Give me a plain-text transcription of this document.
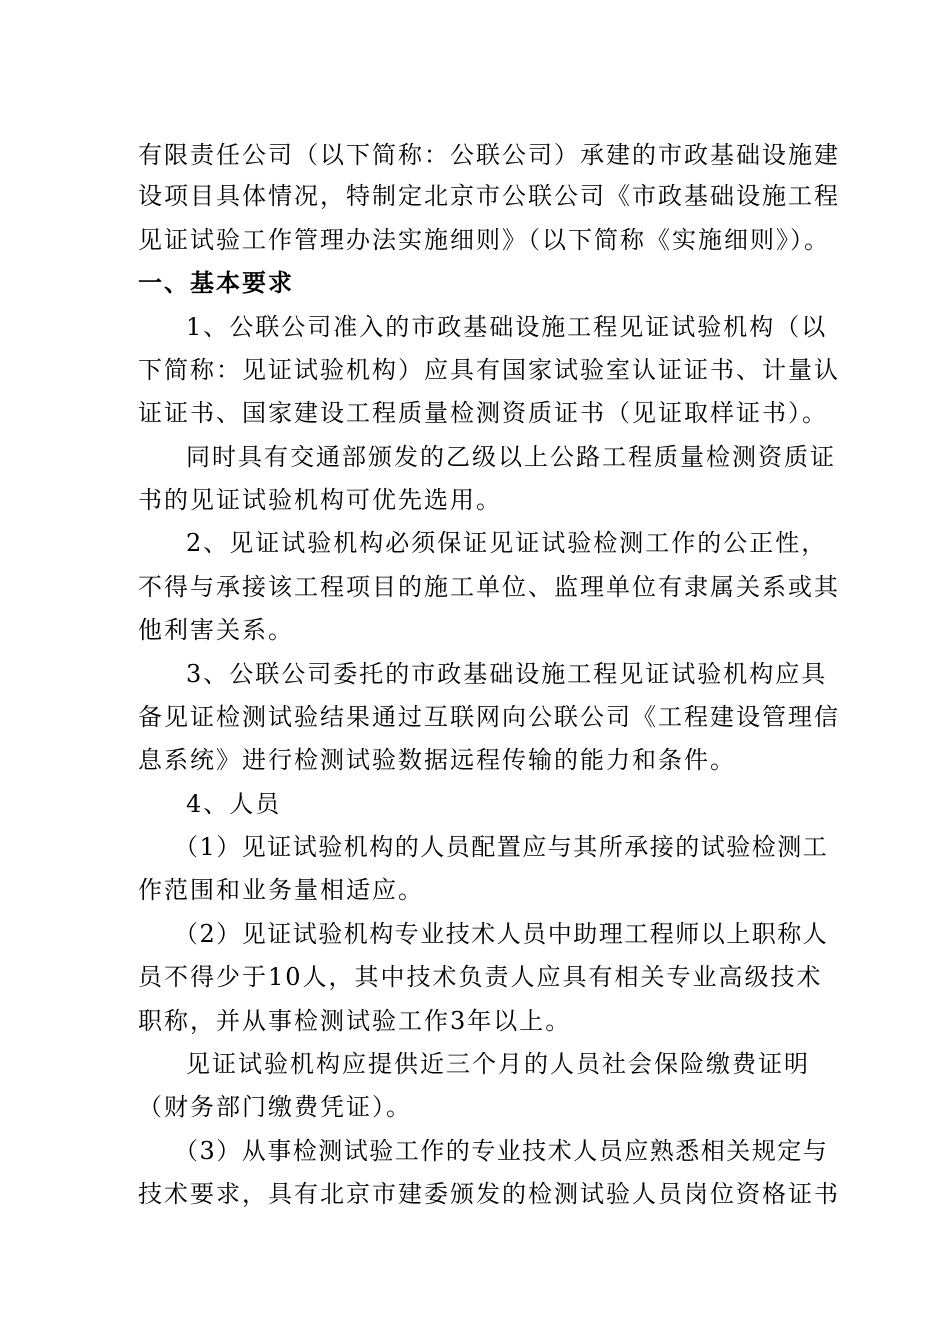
有限责任公司（以下简称：公联公司）承建的市政基础设施建
设项目具体情况，特制定北京市公联公司《市政基础设施工程
见证试验工作管理办法实施细则》（以下简称《实施细则》）。
一、基本要求
1、公联公司准入的市政基础设施工程见证试验机构（以
下简称：见证试验机构）应具有国家试验室认证证书、计量认
证证书、国家建设工程质量检测资质证书（见证取样证书）。
同时具有交通部颁发的乙级以上公路工程质量检测资质证
书的见证试验机构可优先选用。
2、见证试验机构必须保证见证试验检测工作的公正性，
不得与承接该工程项目的施工单位、监理单位有隶属关系或其
他利害关系。
3、公联公司委托的市政基础设施工程见证试验机构应具
备见证检测试验结果通过互联网向公联公司《工程建设管理信
息系统》进行检测试验数据远程传输的能力和条件。
4、人员
（1）见证试验机构的人员配置应与其所承接的试验检测工
作范围和业务量相适应。
（2）见证试验机构专业技术人员中助理工程师以上职称人
员不得少于10人，其中技术负责人应具有相关专业高级技术
职称，并从事检测试验工作3年以上。
见证试验机构应提供近三个月的人员社会保险缴费证明
（财务部门缴费凭证）。
（3）从事检测试验工作的专业技术人员应熟悉相关规定与
技术要求，具有北京市建委颁发的检测试验人员岗位资格证书
